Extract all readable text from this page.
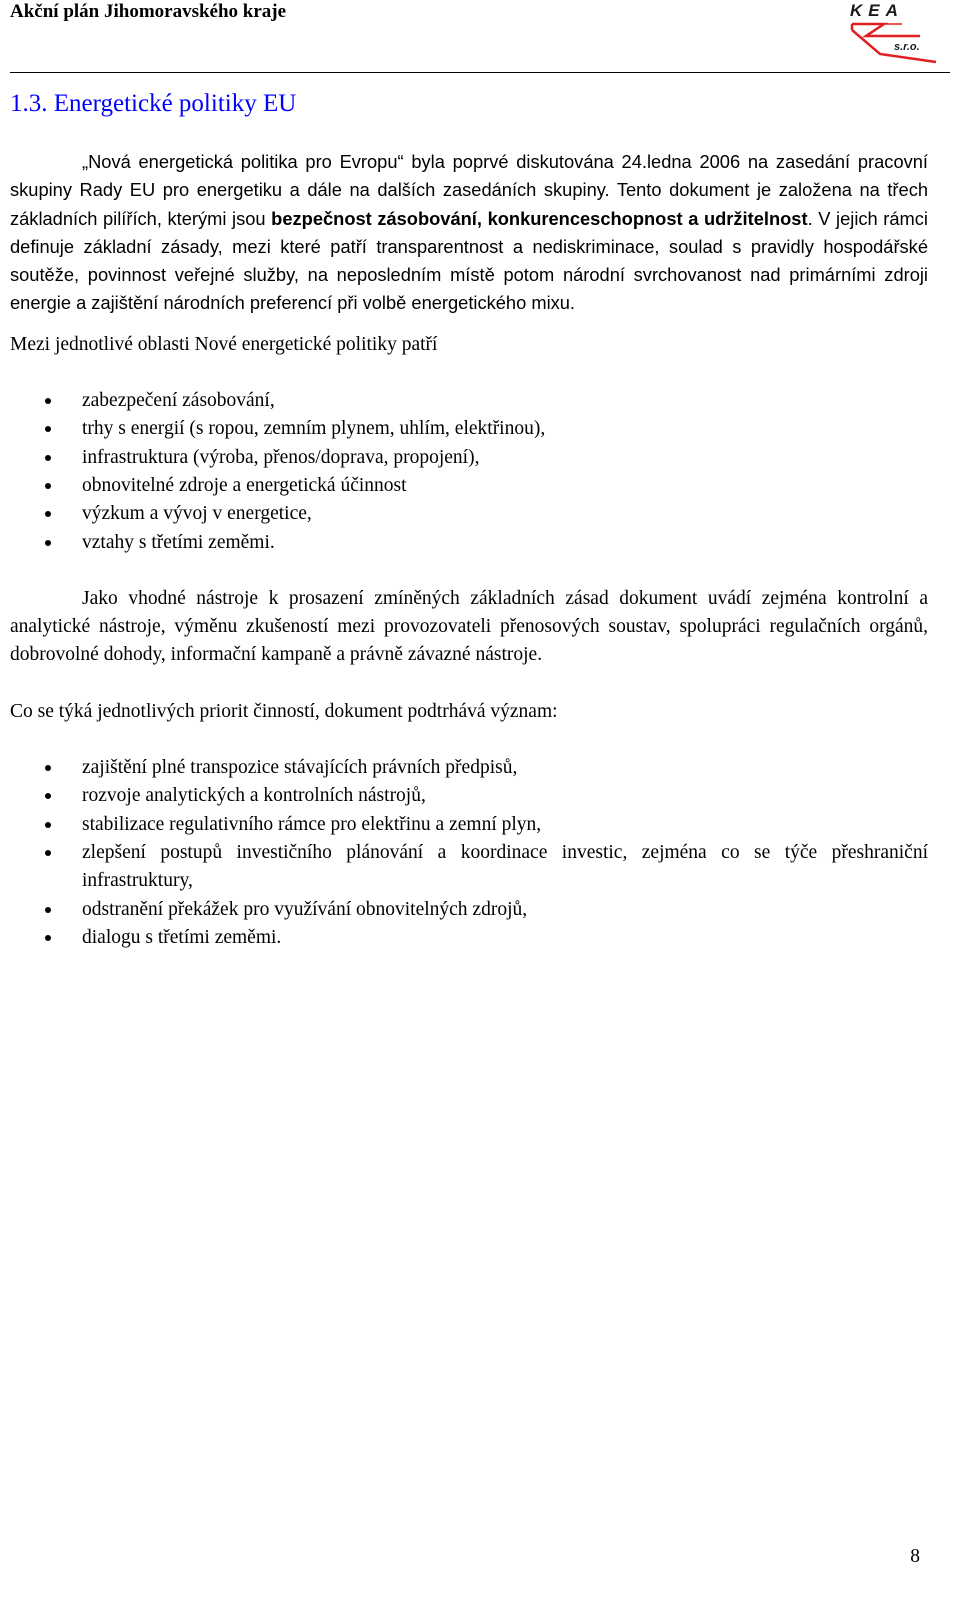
Akční plán Jihomoravského kraje	KEA
s.r.o.
1.3. Energetické politiky EU

„Nová energetická politika pro Evropu“ byla poprvé diskutována 24.ledna 2006 na zasedání pracovní skupiny Rady EU pro energetiku a dále na dalších zasedáních skupiny. Tento dokument je založena na třech základních pilířích, kterými jsou bezpečnost zásobování, konkurenceschopnost a udržitelnost. V jejich rámci definuje základní zásady, mezi které patří transparentnost a nediskriminace, soulad s pravidly hospodářské soutěže, povinnost veřejné služby, na neposledním místě potom národní svrchovanost nad primárními zdroji energie a zajištění národních preferencí při volbě energetického mixu.

Mezi jednotlivé oblasti Nové energetické politiky patří

zabezpečení zásobování,
trhy s energií (s ropou, zemním plynem, uhlím, elektřinou),
infrastruktura (výroba, přenos/doprava, propojení),
obnovitelné zdroje a energetická účinnost
výzkum a vývoj v energetice,
vztahy s třetími zeměmi.

Jako vhodné nástroje k prosazení zmíněných základních zásad dokument uvádí zejména kontrolní a analytické nástroje, výměnu zkušeností mezi provozovateli přenosových soustav, spolupráci regulačních orgánů, dobrovolné dohody, informační kampaně a právně závazné nástroje.

Co se týká jednotlivých priorit činností, dokument podtrhává význam:

zajištění plné transpozice stávajících právních předpisů,
rozvoje analytických a kontrolních nástrojů,
stabilizace regulativního rámce pro elektřinu a zemní plyn,
zlepšení postupů investičního plánování a koordinace investic, zejména co se týče přeshraniční infrastruktury,
odstranění překážek pro využívání obnovitelných zdrojů,
dialogu s třetími zeměmi.
8
